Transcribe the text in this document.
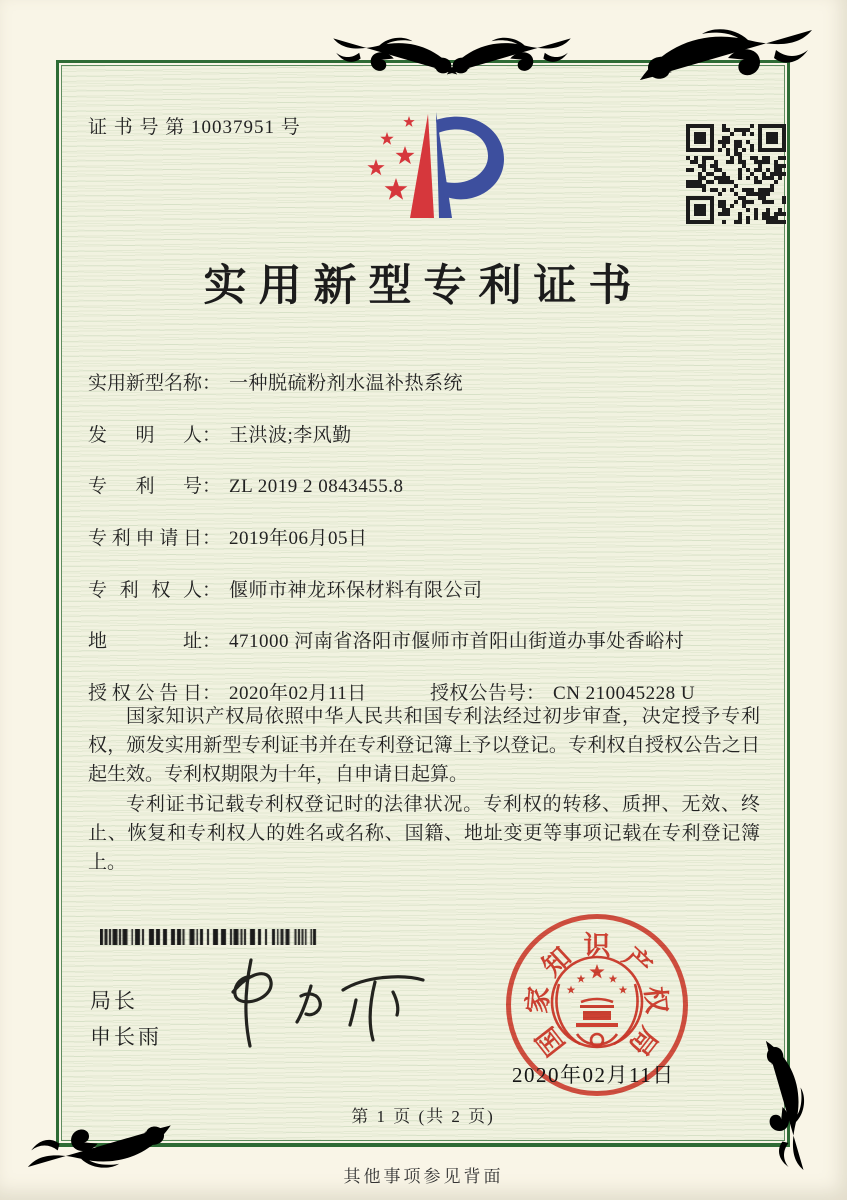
证 书 号 第 10037951 号
实用新型专利证书
实用新型名称： 一种脱硫粉剂水温补热系统
发明人： 王洪波;李风勤
专利号： ZL 2019 2 0843455.8
专利申请日： 2019年06月05日
专利权人： 偃师市神龙环保材料有限公司
地址： 471000 河南省洛阳市偃师市首阳山街道办事处香峪村
授权公告日： 2020年02月11日	授权公告号： CN 210045228 U

国家知识产权局依照中华人民共和国专利法经过初步审查，决定授予专利权，颁发实用新型专利证书并在专利登记簿上予以登记。专利权自授权公告之日起生效。专利权期限为十年，自申请日起算。

专利证书记载专利权登记时的法律状况。专利权的转移、质押、无效、终止、恢复和专利权人的姓名或名称、国籍、地址变更等事项记载在专利登记簿上。

局长
申长雨	国
家
知 识 产
权
局
2020年02月11日
第 1 页 (共 2 页)
其他事项参见背面
